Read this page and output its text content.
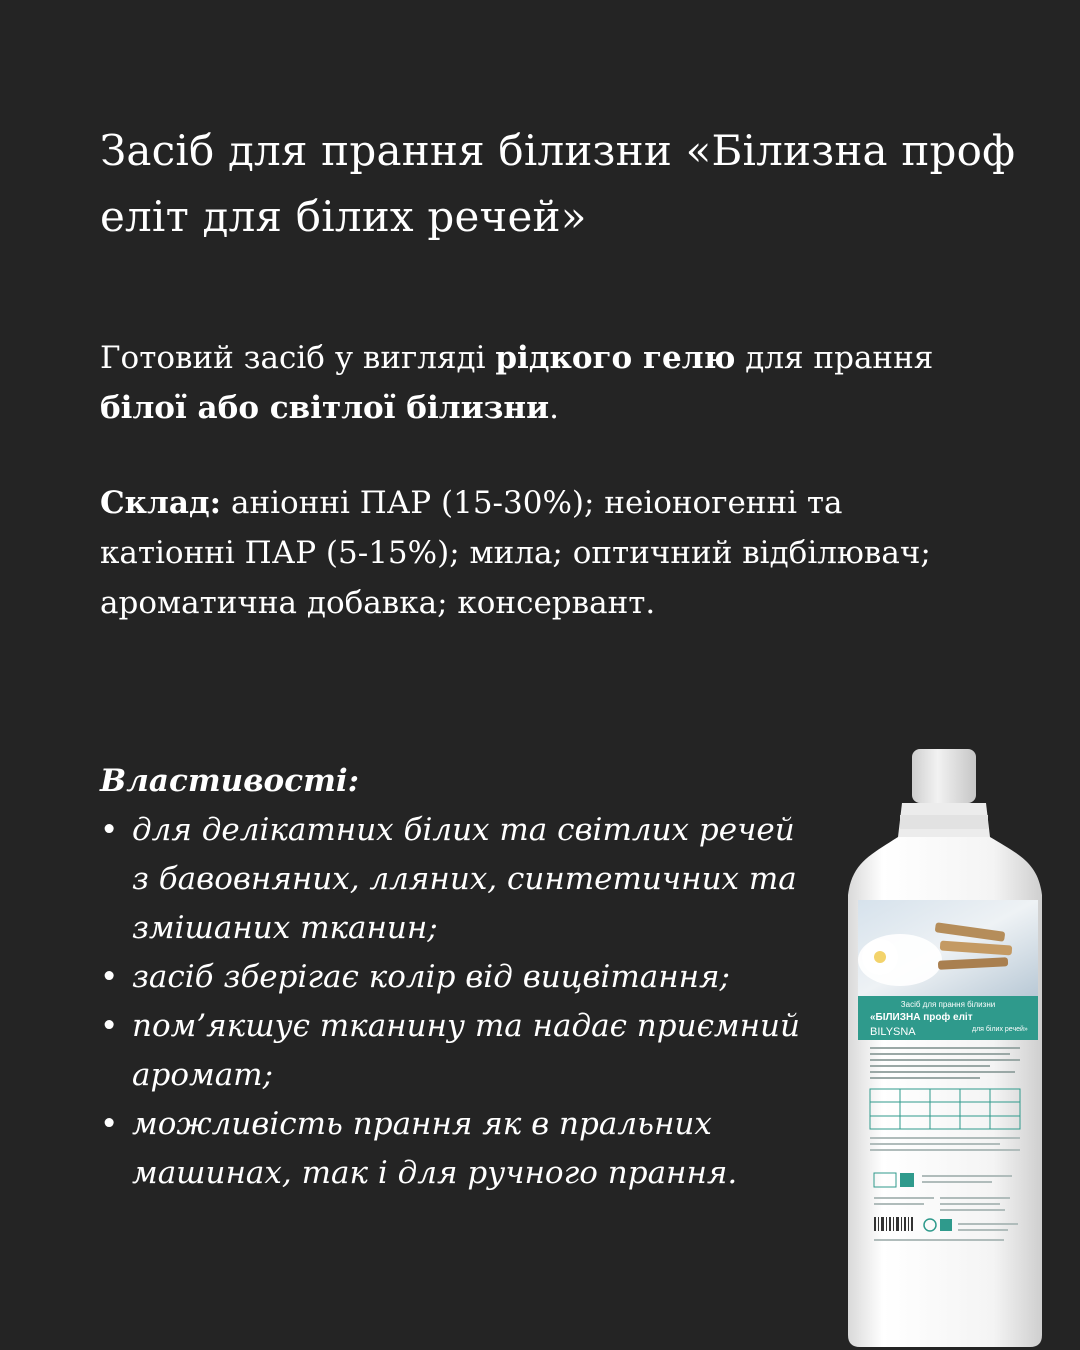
Засіб для прання білизни «Білизна проф еліт для білих речей»

Готовий засіб у вигляді рідкого гелю для прання білої або світлої білизни.

Склад: аніонні ПАР (15-30%); неіоногенні та катіонні ПАР (5-15%); мила; оптичний відбілювач; ароматична добавка; консервант.

Властивості:

• для делікатних білих та світлих речей з бавовняних, лляних, синтетичних та змішаних тканин;
• засіб зберігає колір від вицвітання;
• пом’якшує тканину та надає приємний аромат;
• можливість прання як в пральних машинах, так і для ручного прання.
Засіб для прання білизни
«БІЛИЗНА проф еліт
для білих речей»
BILYSNA
